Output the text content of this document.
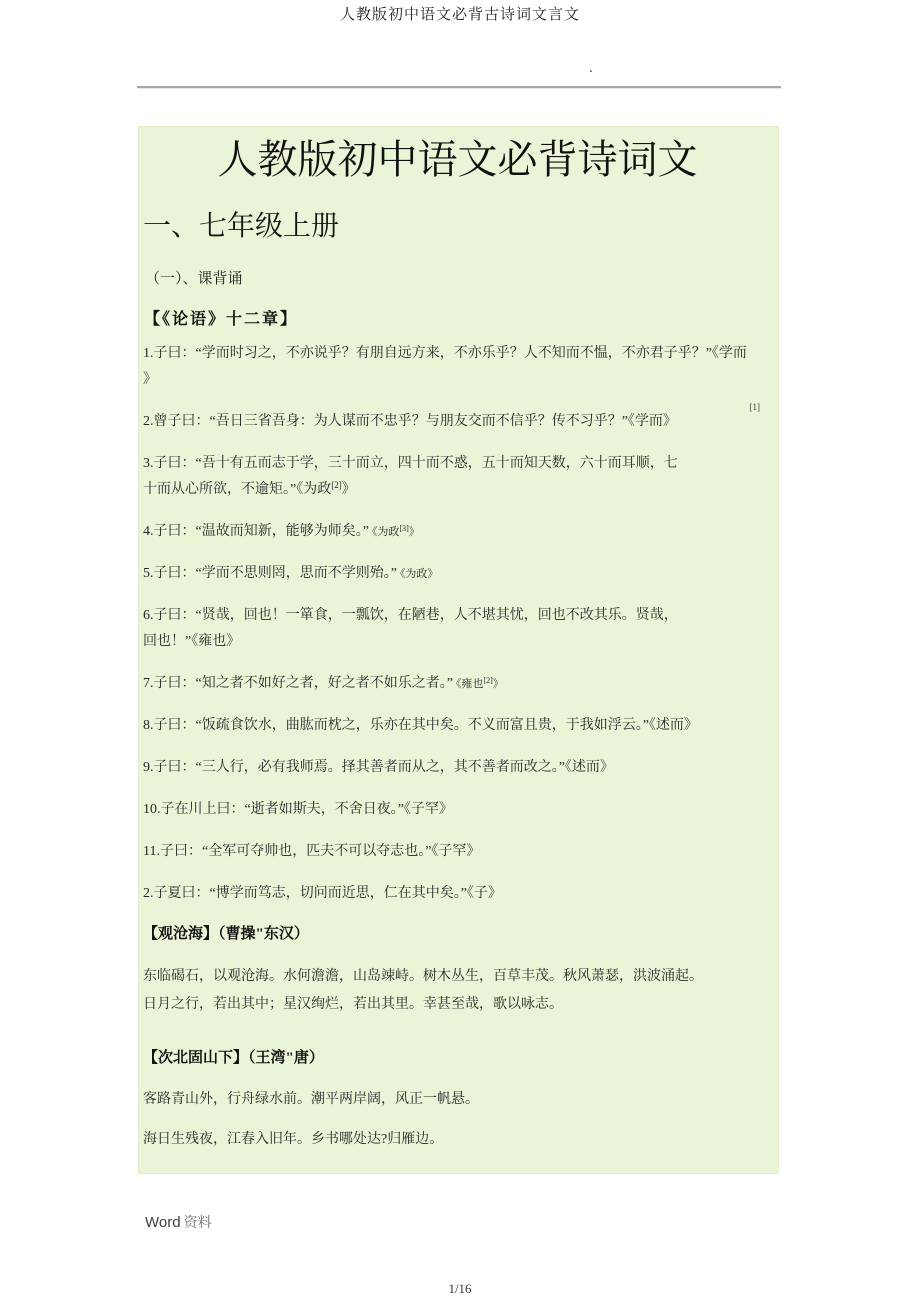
人教版初中语文必背古诗词文言文
.
人教版初中语文必背诗词文
一、七年级上册

（一）、课背诵

【《论语》十二章】

1.子曰：“学而时习之，不亦说乎？有朋自远方来，不亦乐乎？人不知而不愠，不亦君子乎？”《学而
》

[1]
2.曾子曰：“吾日三省吾身：为人谋而不忠乎？与朋友交而不信乎？传不习乎？”《学而》

3.子曰：“吾十有五而志于学，三十而立，四十而不惑，五十而知天数，六十而耳顺，七
十而从心所欲，不逾矩。”《为政[2]》

4.子曰：“温故而知新，能够为师矣。” 《为政[3]》

5.子曰：“学而不思则罔，思而不学则殆。” 《为政》

6.子曰：“贤哉，回也！一箪食，一瓢饮，在陋巷，人不堪其忧，回也不改其乐。贤哉，
回也！”《雍也》

7.子曰：“知之者不如好之者，好之者不如乐之者。” 《雍也[2]》

8.子曰：“饭疏食饮水，曲肱而枕之，乐亦在其中矣。不义而富且贵，于我如浮云。”《述而》

9.子曰：“三人行，必有我师焉。择其善者而从之，其不善者而改之。”《述而》

10.子在川上曰：“逝者如斯夫，不舍日夜。”《子罕》

11.子曰：“全军可夺帅也，匹夫不可以夺志也。”《子罕》

2.子夏曰：“博学而笃志，切问而近思，仁在其中矣。”《子》

【观沧海】（曹操"东汉）

东临碣石，以观沧海。水何澹澹，山岛竦峙。树木丛生，百草丰茂。秋风萧瑟，洪波涌起。
日月之行，若出其中；星汉绚烂，若出其里。幸甚至哉，歌以咏志。

【次北固山下】（王湾"唐）

客路青山外，行舟绿水前。潮平两岸阔，风正一帆悬。
海日生残夜，江春入旧年。乡书哪处达?归雁边。
Word 资料
1/16
